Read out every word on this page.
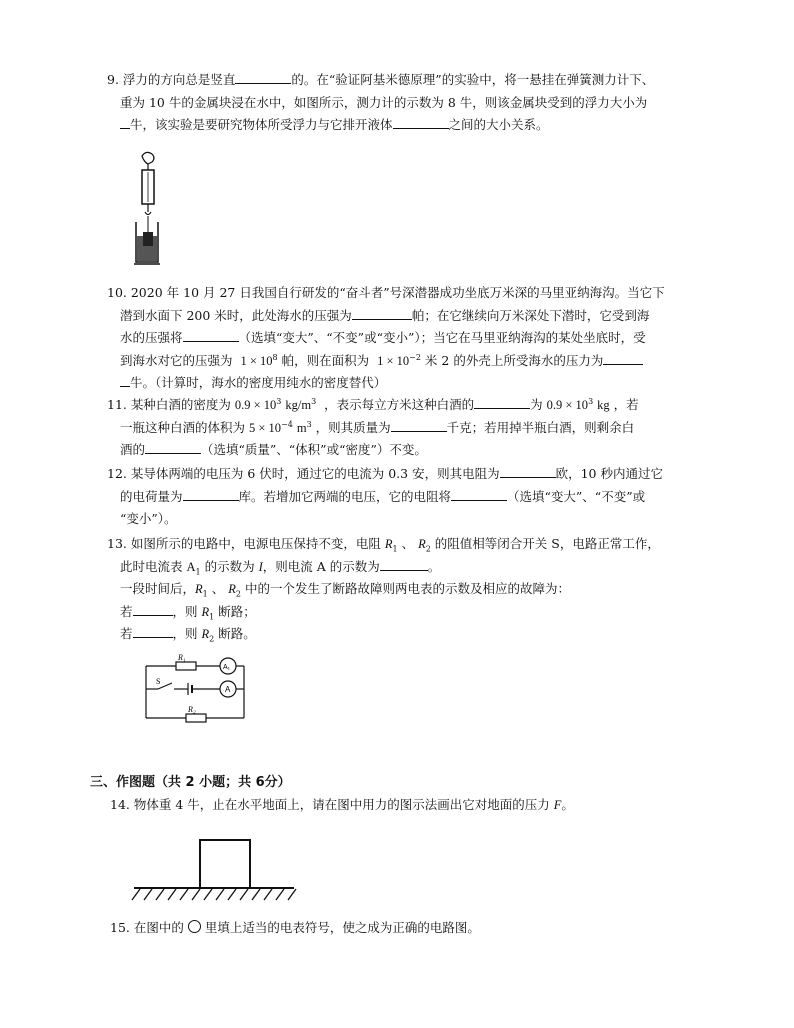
9. 浮力的方向总是竖直	的。在“验证阿基米德原理”的实验中，将一悬挂在弹簧测力计下、

重为 10 牛的金属块浸在水中，如图所示，测力计的示数为 8 牛，则该金属块受到的浮力大小为

牛，该实验是要研究物体所受浮力与它排开液体	之间的大小关系。

10. 2020 年 10 月 27 日我国自行研发的“奋斗者”号深潜器成功坐底万米深的马里亚纳海沟。当它下

潜到水面下 200 米时，此处海水的压强为	帕；在它继续向万米深处下潜时，它受到海

水的压强将	（选填“变大”、“不变”或“变小”）；当它在马里亚纳海沟的某处坐底时，受

到海水对它的压强为 $1 \times 10^8$ 帕，则在面积为 $1 \times 10^{-2}$ 米 2 的外壳上所受海水的压力为

牛。（计算时，海水的密度用纯水的密度替代）

11. 某种白酒的密度为 $0.9 \times 10^3$ $kg/m^3$ ，表示每立方米这种白酒的	为 $0.9 \times 10^3$ kg ，若

一瓶这种白酒的体积为 $5 \times 10^{-4}$ $m^3$ ，则其质量为	千克；若用掉半瓶白酒，则剩余白

酒的	（选填“质量”、“体积”或“密度”）不变。

12. 某导体两端的电压为 6 伏时，通过它的电流为 0.3 安，则其电阻为	欧，10 秒内通过它

的电荷量为	库。若增加它两端的电压，它的电阻将	（选填“变大”、“不变”或

“变小”）。

13. 如图所示的电路中，电源电压保持不变，电阻 $R_1$ 、 $R_2$ 的阻值相等闭合开关 S，电路正常工作，

此时电流表 $A_1$ 的示数为 I，则电流 A 的示数为	。

一段时间后，$R_1$ 、 $R_2$ 中的一个发生了断路故障则两电表的示数及相应的故障为：

若	，则 $R_1$ 断路；

若	，则 $R_2$ 断路。

R₁
R₂
S
A₁
A
三、作图题（共 2 小题；共 6分）

14. 物体重 4 牛，止在水平地面上，请在图中用力的图示法画出它对地面的压力 F。

15. 在图中的 里填上适当的电表符号，使之成为正确的电路图。
